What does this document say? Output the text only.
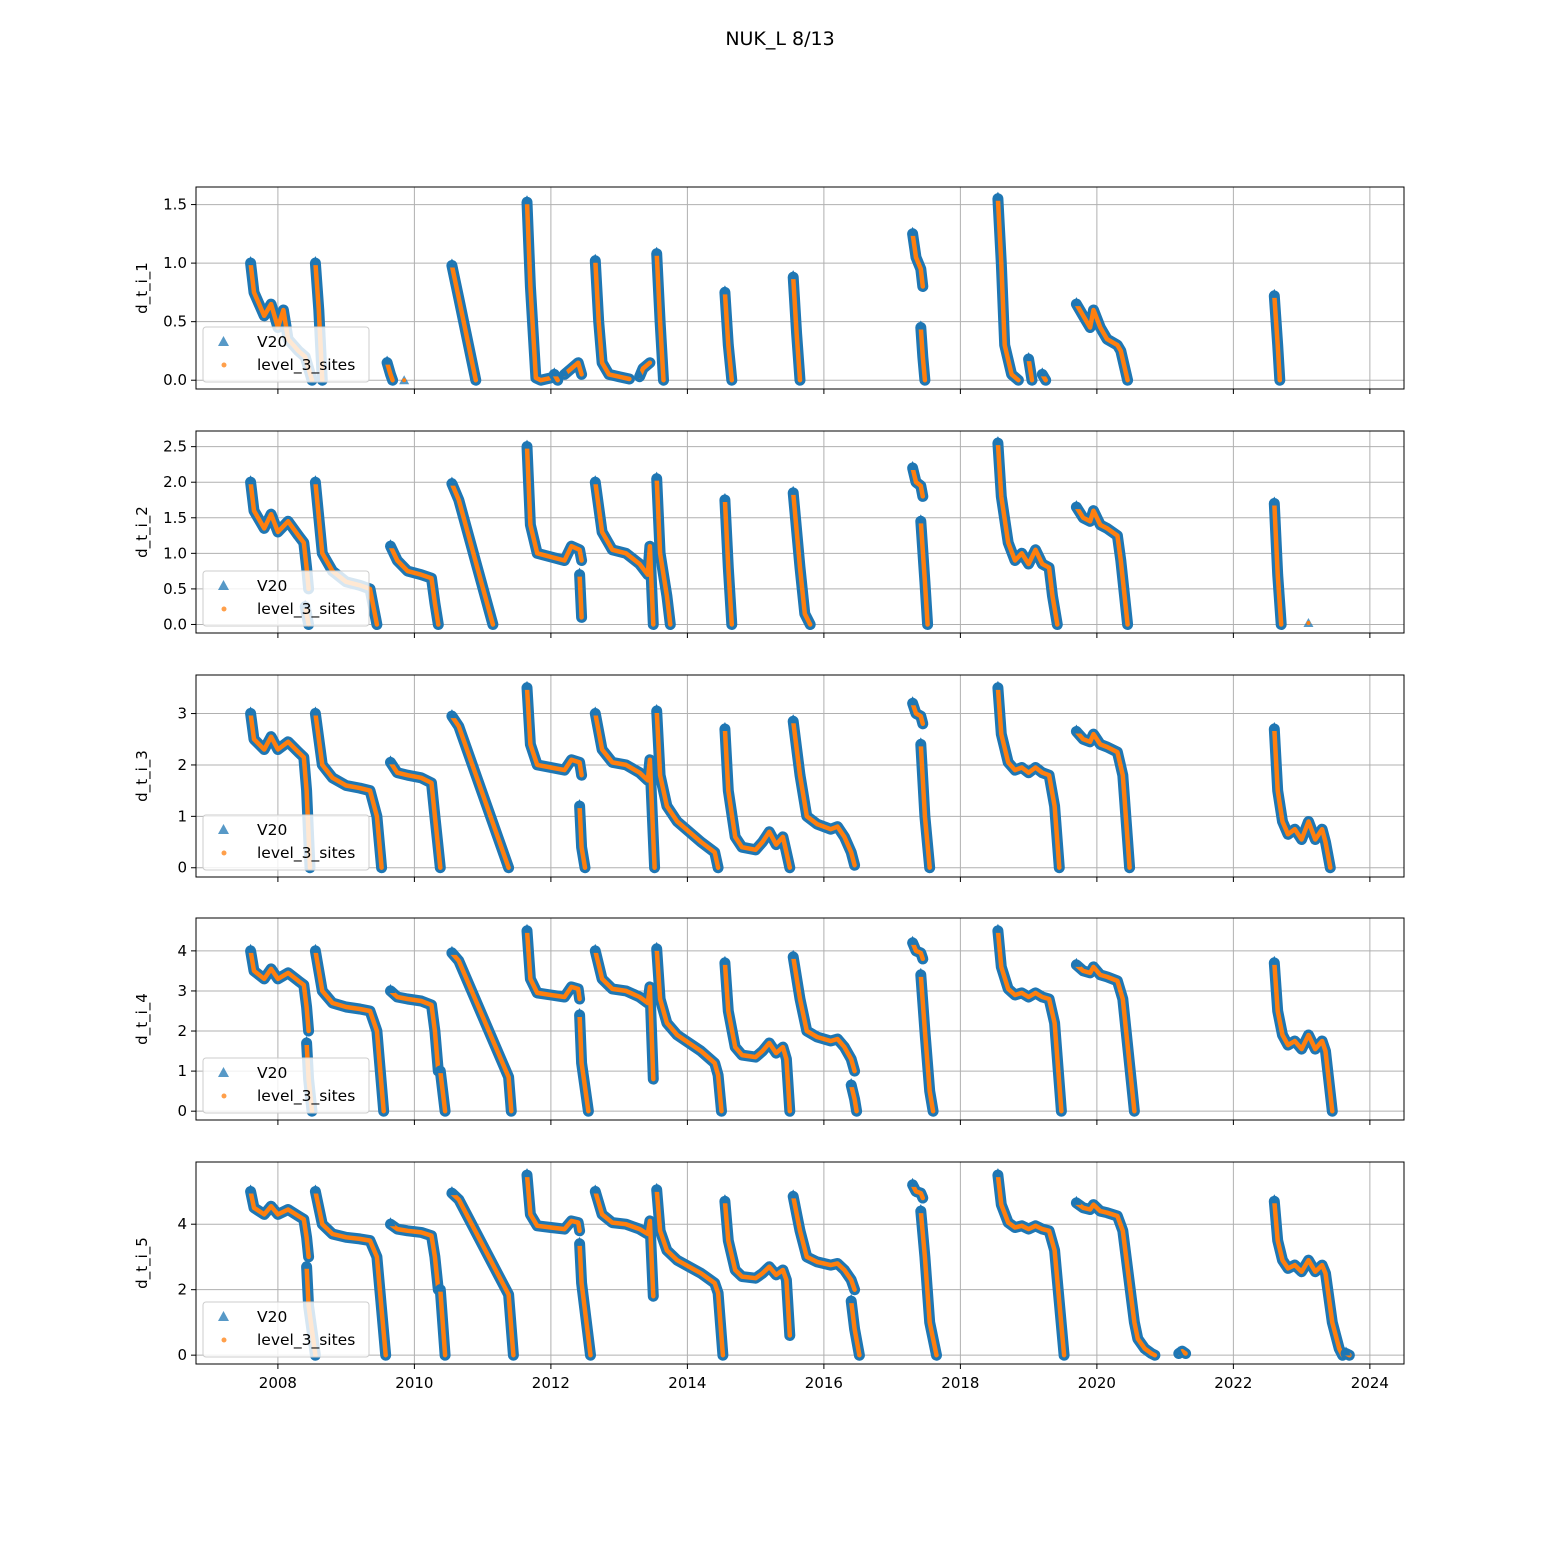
NUK_L 8/13
0.0
0.5
1.0
1.5
d_t_i_1
V20
level_3_sites
0.0
0.5
1.0
1.5
2.0
2.5
d_t_i_2
V20
level_3_sites
0
1
2
3
d_t_i_3
V20
level_3_sites
0
1
2
3
4
d_t_i_4
V20
level_3_sites
0
2
4
2008	2010	2012	2014	2016	2018	2020	2022	2024
d_t_i_5
V20
level_3_sites
